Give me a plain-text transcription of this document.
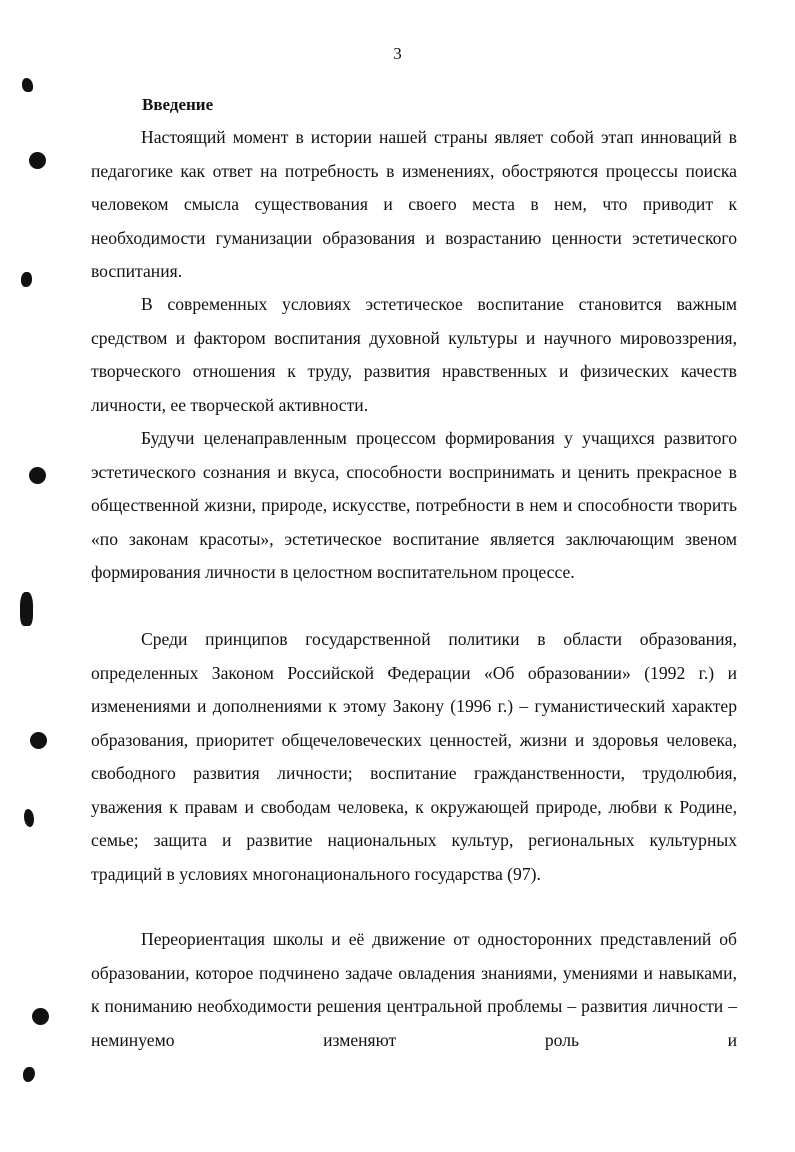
3
Введение

Настоящий момент в истории нашей страны являет собой этап инноваций в педагогике как ответ на потребность в изменениях, обостряются процессы поиска человеком смысла существования и своего места в нем, что приводит к необходимости гуманизации образования и возрастанию ценности эстетического воспитания.

В современных условиях эстетическое воспитание становится важным средством и фактором воспитания духовной культуры и научного мировоззрения, творческого отношения к труду, развития нравственных и физических качеств личности, ее творческой активности.

Будучи целенаправленным процессом формирования у учащихся развитого эстетического сознания и вкуса, способности воспринимать и ценить прекрасное в общественной жизни, природе, искусстве, потребности в нем и способности творить «по законам красоты», эстетическое воспитание является заключающим звеном формирования личности в целостном воспитательном процессе.

Среди принципов государственной политики в области образования, определенных Законом Российской Федерации «Об образовании» (1992 г.) и изменениями и дополнениями к этому Закону (1996 г.) – гуманистический характер образования, приоритет общечеловеческих ценностей, жизни и здоровья человека, свободного развития личности; воспитание гражданственности, трудолюбия, уважения к правам и свободам человека, к окружающей природе, любви к Родине, семье; защита и развитие национальных культур, региональных культурных традиций в условиях многонационального государства (97).

Переориентация школы и её движение от односторонних представлений об образовании, которое подчинено задаче овладения знаниями, умениями и навыками, к пониманию необходимости решения центральной проблемы – развития личности – неминуемо изменяют роль и
